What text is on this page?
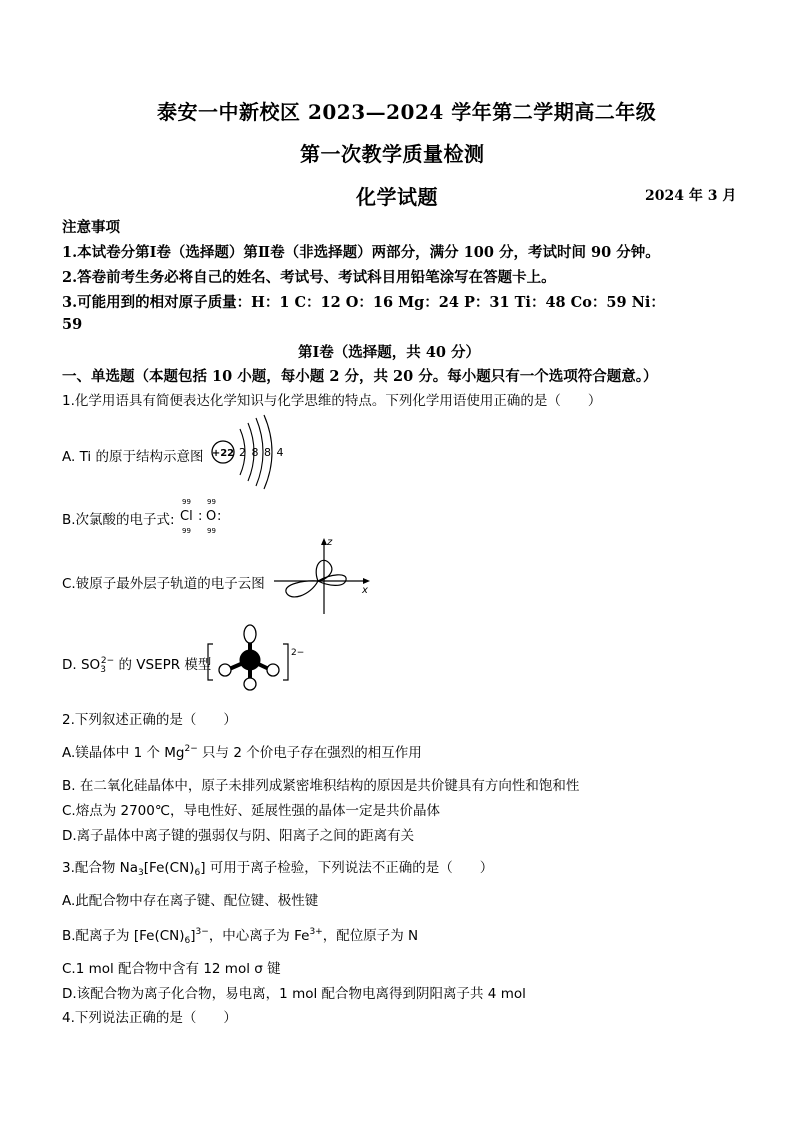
泰安一中新校区 2023—2024 学年第二学期高二年级
第一次教学质量检测
化学试题	2024 年 3 月
注意事项
1.本试卷分第Ⅰ卷（选择题）第Ⅱ卷（非选择题）两部分，满分 100 分，考试时间 90 分钟。
2.答卷前考生务必将自己的姓名、考试号、考试科目用铅笔涂写在答题卡上。
3.可能用到的相对原子质量：H：1 C：12 O：16 Mg：24 P：31 Ti：48 Co：59 Ni：
59
第Ⅰ卷（选择题，共 40 分）
一、单选题（本题包括 10 小题，每小题 2 分，共 20 分。每小题只有一个选项符合题意。）
1.化学用语具有简便表达化学知识与化学思维的特点。下列化学用语使用正确的是（　　）
A. Ti 的原于结构示意图 +22 2 8 8 4
B.次氯酸的电子式:
99
Cl :
99
99
O :
99
C.铍原子最外层子轨道的电子云图
z
x
D. $SO_3^{2-}$ 的 VSEPR 模型
2−
2.下列叙述正确的是（　　）
A.镁晶体中 1 个 $Mg^{2-}$ 只与 2 个价电子存在强烈的相互作用
B. 在二氧化硅晶体中，原子未排列成紧密堆积结构的原因是共价键具有方向性和饱和性
C.熔点为 2700℃，导电性好、延展性强的晶体一定是共价晶体
D.离子晶体中离子键的强弱仅与阴、阳离子之间的距离有关
3.配合物 $Na_3[Fe(CN)_6]$ 可用于离子检验，下列说法不正确的是（　　）
A.此配合物中存在离子键、配位键、极性键
B.配离子为 $[Fe(CN)_6]^{3-}$，中心离子为 $Fe^{3+}$，配位原子为 N
C.1 mol 配合物中含有 12 mol σ 键
D.该配合物为离子化合物，易电离，1 mol 配合物电离得到阴阳离子共 4 mol
4.下列说法正确的是（　　）
